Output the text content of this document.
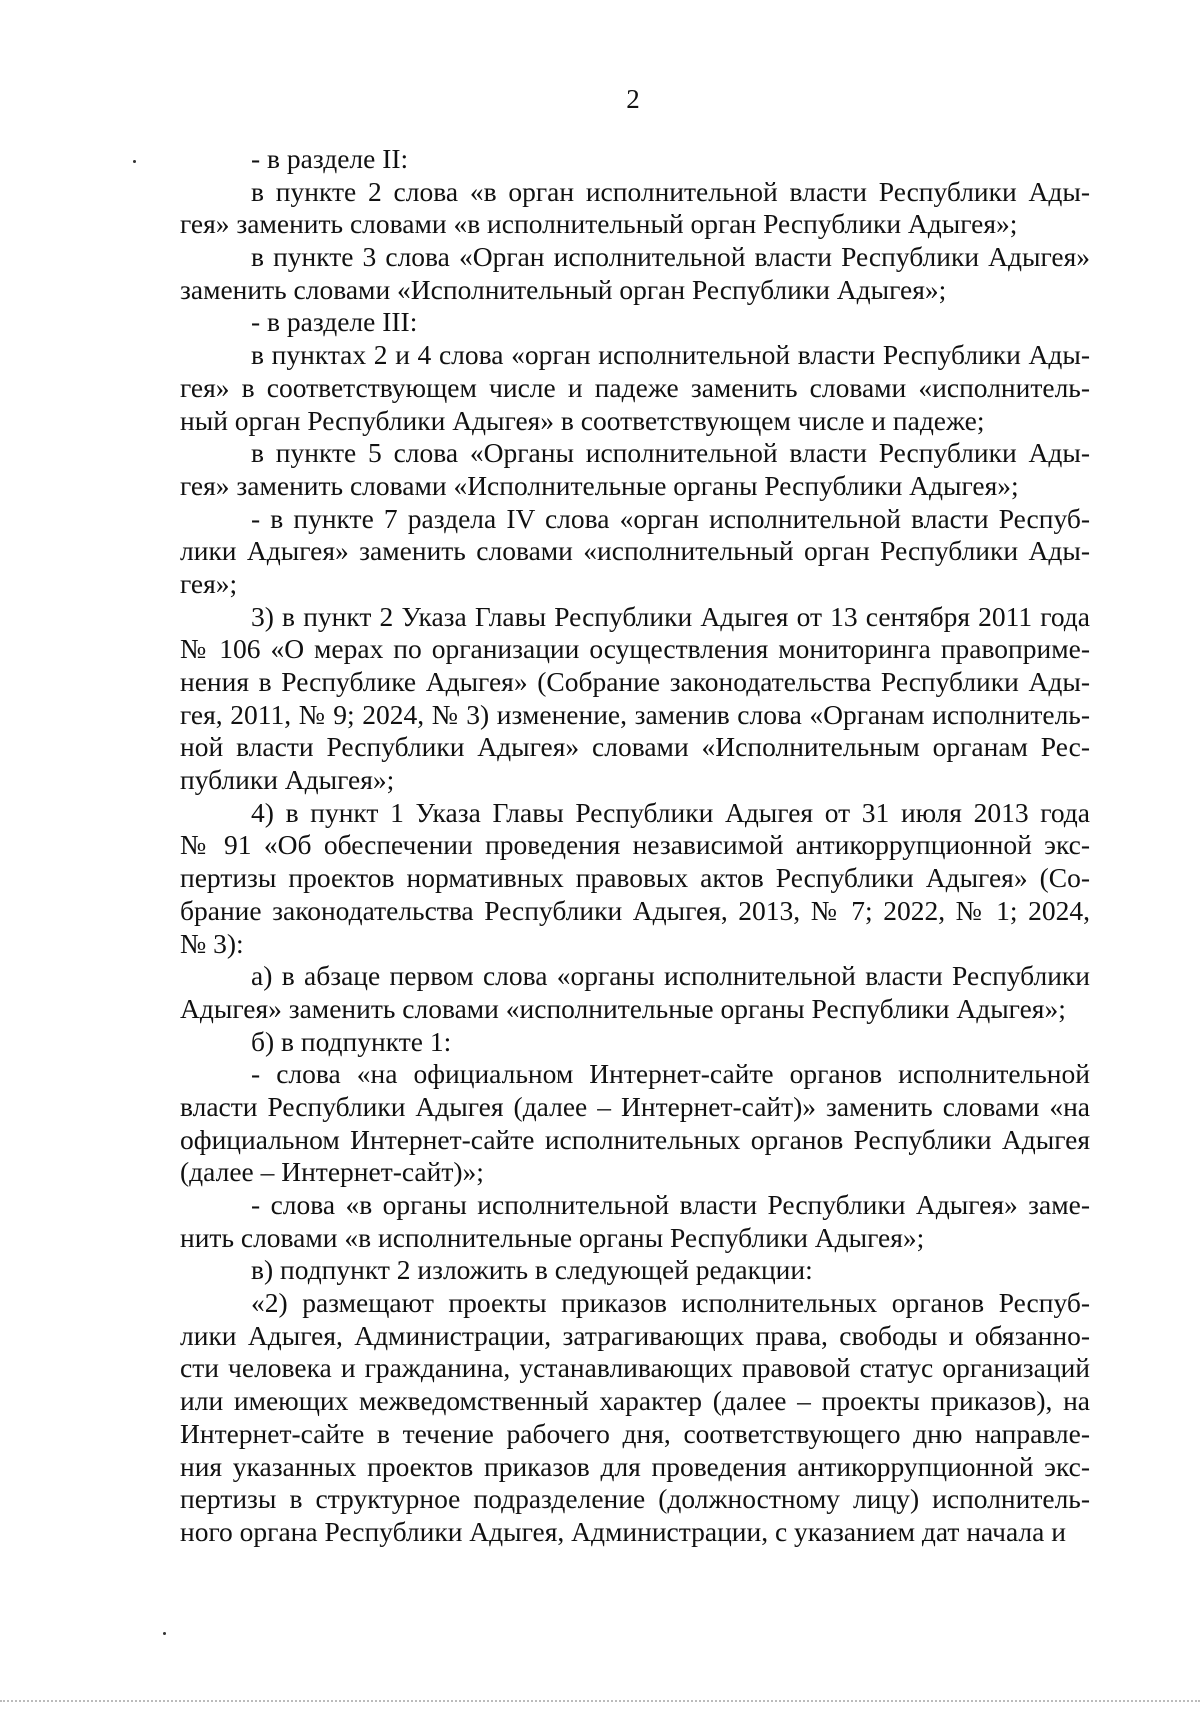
2
- в разделе II:
в пункте 2 слова «в орган исполнительной власти Республики Ады-
гея» заменить словами «в исполнительный орган Республики Адыгея»;
в пункте 3 слова «Орган исполнительной власти Республики Адыгея»
заменить словами «Исполнительный орган Республики Адыгея»;
- в разделе III:
в пунктах 2 и 4 слова «орган исполнительной власти Республики Ады-
гея» в соответствующем числе и падеже заменить словами «исполнитель-
ный орган Республики Адыгея» в соответствующем числе и падеже;
в пункте 5 слова «Органы исполнительной власти Республики Ады-
гея» заменить словами «Исполнительные органы Республики Адыгея»;
- в пункте 7 раздела IV слова «орган исполнительной власти Респуб-
лики Адыгея» заменить словами «исполнительный орган Республики Ады-
гея»;
3) в пункт 2 Указа Главы Республики Адыгея от 13 сентября 2011 года
№ 106 «О мерах по организации осуществления мониторинга правоприме-
нения в Республике Адыгея» (Собрание законодательства Республики Ады-
гея, 2011, № 9; 2024, № 3) изменение, заменив слова «Органам исполнитель-
ной власти Республики Адыгея» словами «Исполнительным органам Рес-
публики Адыгея»;
4) в пункт 1 Указа Главы Республики Адыгея от 31 июля 2013 года
№ 91 «Об обеспечении проведения независимой антикоррупционной экс-
пертизы проектов нормативных правовых актов Республики Адыгея» (Со-
брание законодательства Республики Адыгея, 2013, № 7; 2022, № 1; 2024,
№ 3):
а) в абзаце первом слова «органы исполнительной власти Республики
Адыгея» заменить словами «исполнительные органы Республики Адыгея»;
б) в подпункте 1:
- слова «на официальном Интернет-сайте органов исполнительной
власти Республики Адыгея (далее – Интернет-сайт)» заменить словами «на
официальном Интернет-сайте исполнительных органов Республики Адыгея
(далее – Интернет-сайт)»;
- слова «в органы исполнительной власти Республики Адыгея» заме-
нить словами «в исполнительные органы Республики Адыгея»;
в) подпункт 2 изложить в следующей редакции:
«2) размещают проекты приказов исполнительных органов Респуб-
лики Адыгея, Администрации, затрагивающих права, свободы и обязанно-
сти человека и гражданина, устанавливающих правовой статус организаций
или имеющих межведомственный характер (далее – проекты приказов), на
Интернет-сайте в течение рабочего дня, соответствующего дню направле-
ния указанных проектов приказов для проведения антикоррупционной экс-
пертизы в структурное подразделение (должностному лицу) исполнитель-
ного органа Республики Адыгея, Администрации, с указанием дат начала и
